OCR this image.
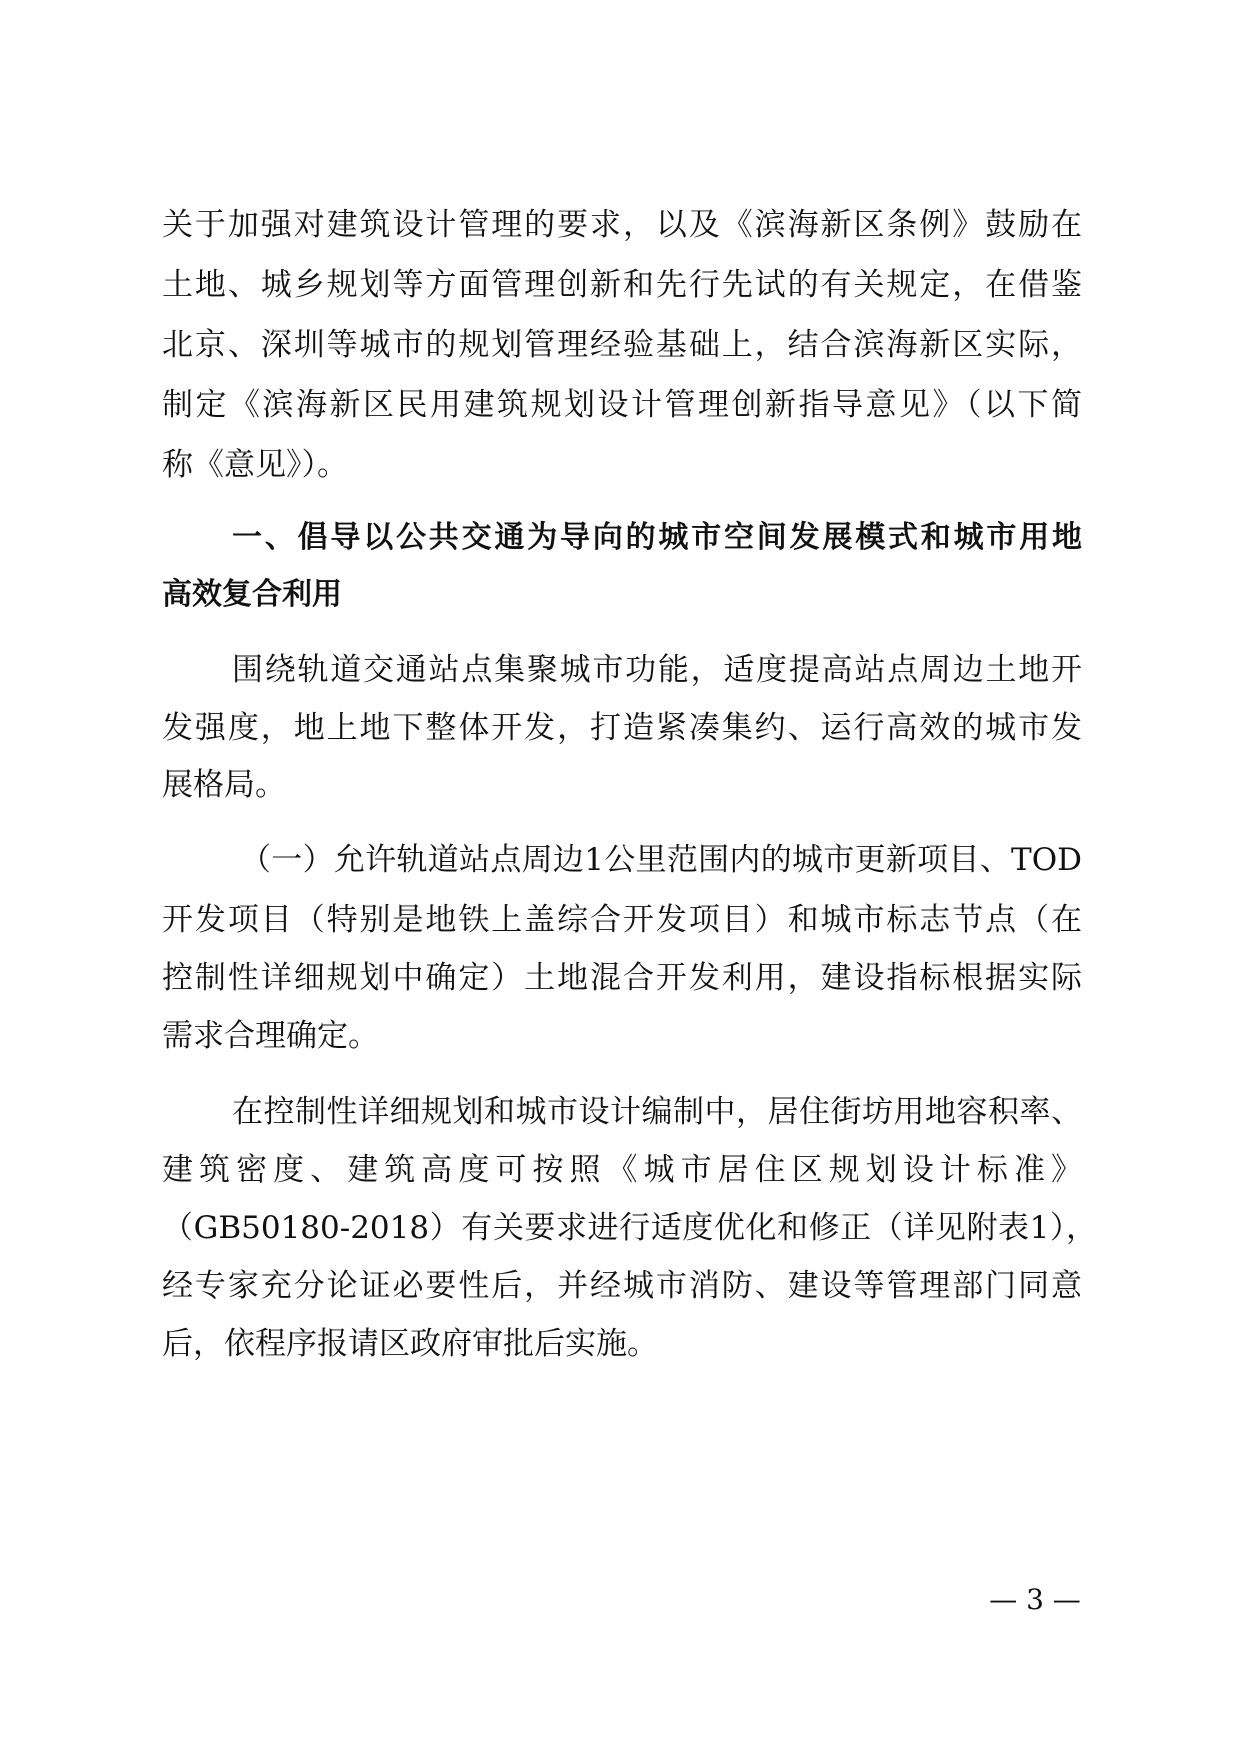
关于加强对建筑设计管理的要求，以及《滨海新区条例》鼓励在
土地、城乡规划等方面管理创新和先行先试的有关规定，在借鉴
北京、深圳等城市的规划管理经验基础上，结合滨海新区实际，
制定《滨海新区民用建筑规划设计管理创新指导意见》（以下简
称《意见》）。
一、倡导以公共交通为导向的城市空间发展模式和城市用地
高效复合利用
围绕轨道交通站点集聚城市功能，适度提高站点周边土地开
发强度，地上地下整体开发，打造紧凑集约、运行高效的城市发
展格局。
（一）允许轨道站点周边1公里范围内的城市更新项目、TOD
开发项目（特别是地铁上盖综合开发项目）和城市标志节点（在
控制性详细规划中确定）土地混合开发利用，建设指标根据实际
需求合理确定。
在控制性详细规划和城市设计编制中，居住街坊用地容积率、
建筑密度、建筑高度可按照《城市居住区规划设计标准》
（GB50180-2018）有关要求进行适度优化和修正（详见附表1），
经专家充分论证必要性后，并经城市消防、建设等管理部门同意
后，依程序报请区政府审批后实施。
— 3 —
